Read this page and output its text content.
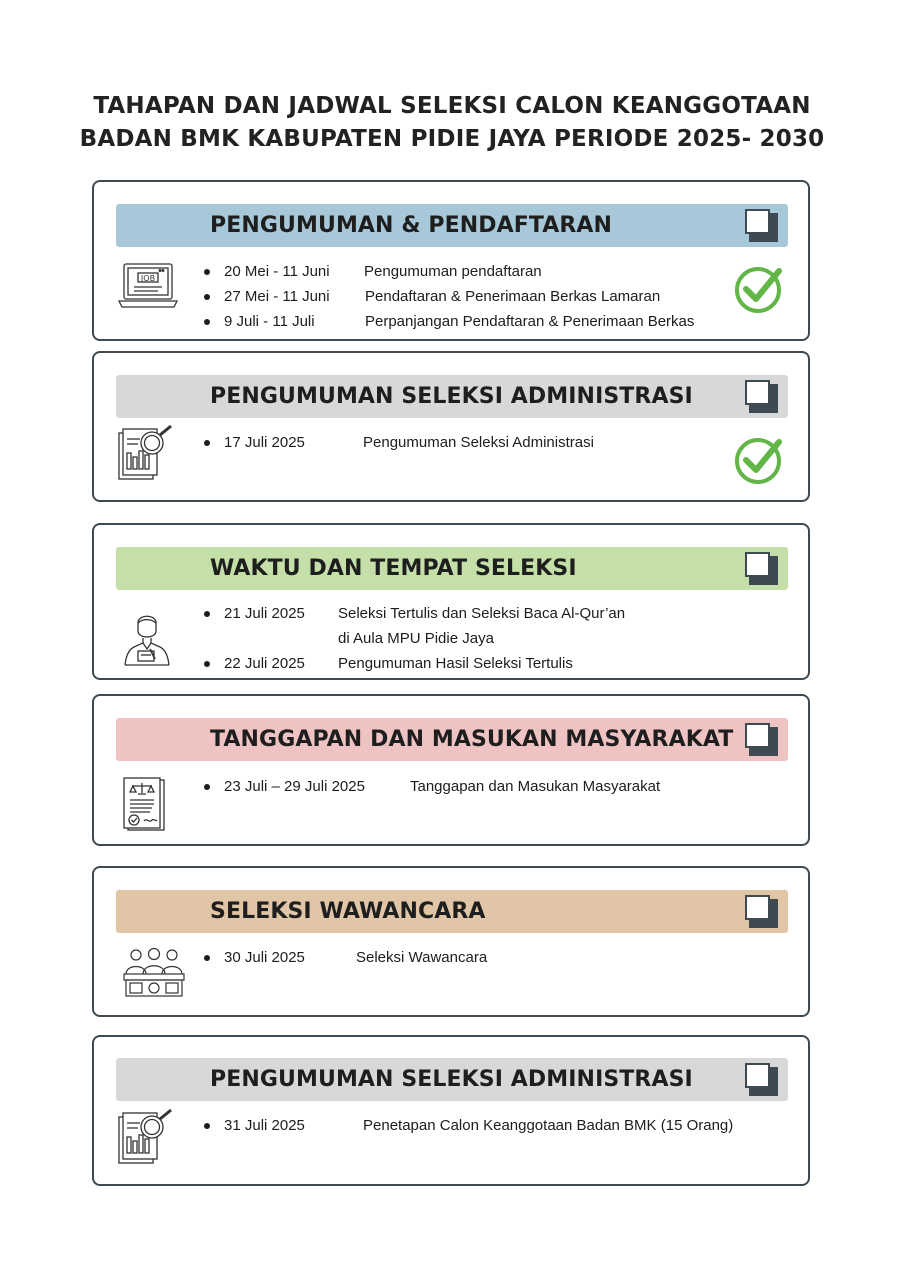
TAHAPAN DAN JADWAL SELEKSI CALON KEANGGOTAAN
BADAN BMK KABUPATEN PIDIE JAYA PERIODE 2025- 2030
PENGUMUMAN & PENDAFTARAN
JOB	20 Mei - 11 Juni Pengumuman pendaftaran
27 Mei - 11 Juni Pendaftaran & Penerimaan Berkas Lamaran
9 Juli - 11 Juli	Perpanjangan Pendaftaran & Penerimaan Berkas
PENGUMUMAN SELEKSI ADMINISTRASI
17 Juli 2025	Pengumuman Seleksi Administrasi
WAKTU DAN TEMPAT SELEKSI
21 Juli 2025 Seleksi Tertulis dan Seleksi Baca Al-Qur’an
di Aula MPU Pidie Jaya
22 Juli 2025 Pengumuman Hasil Seleksi Tertulis
TANGGAPAN DAN MASUKAN MASYARAKAT
23 Juli – 29 Juli 2025	Tanggapan dan Masukan Masyarakat
SELEKSI WAWANCARA
30 Juli 2025	Seleksi Wawancara
PENGUMUMAN SELEKSI ADMINISTRASI
31 Juli 2025	Penetapan Calon Keanggotaan Badan BMK (15 Orang)
